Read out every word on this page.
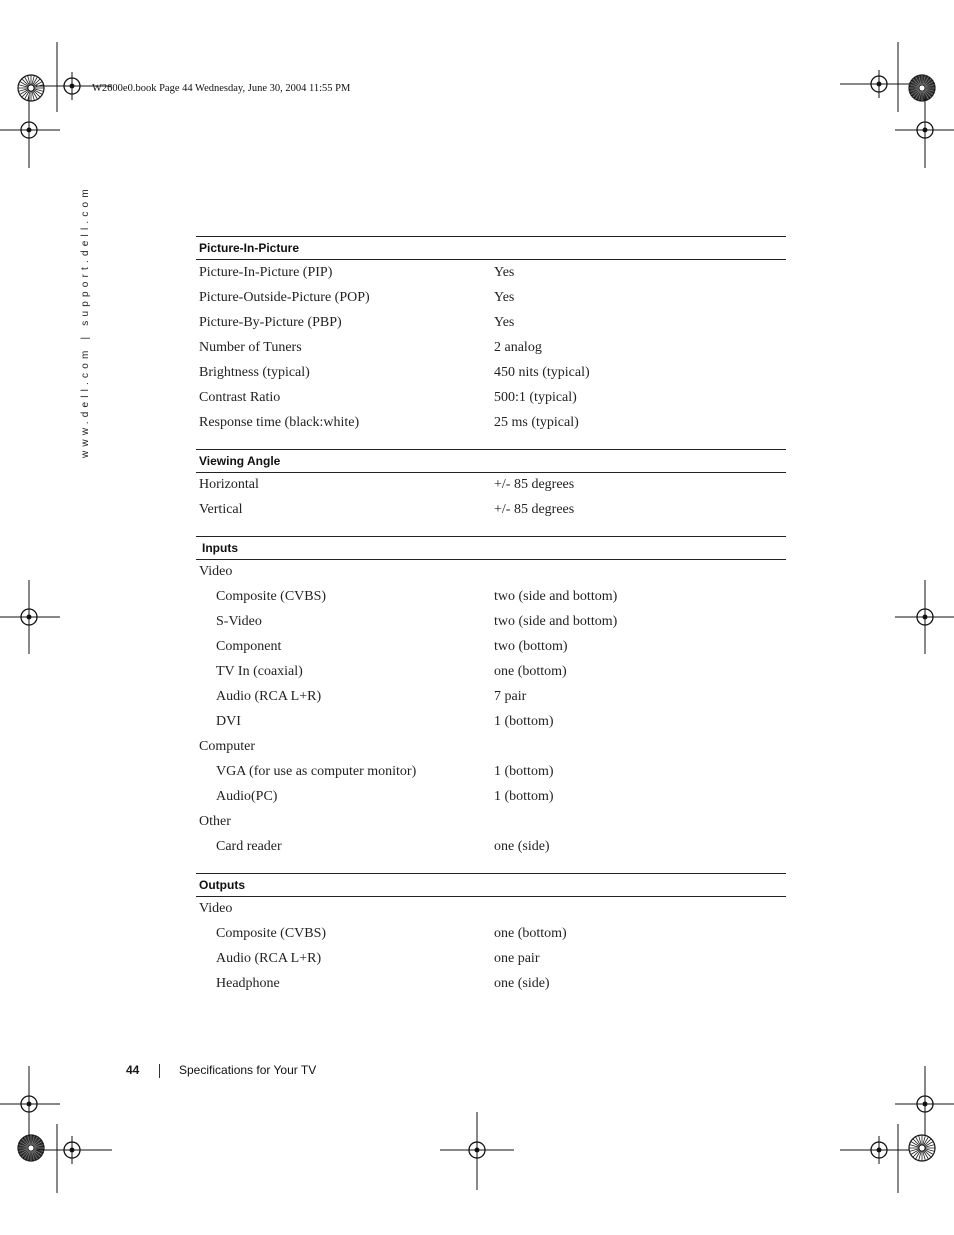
W2600e0.book Page 44 Wednesday, June 30, 2004 11:55 PM
www.dell.com | support.dell.com	Picture-In-Picture
Picture-In-Picture (PIP)	Yes
Picture-Outside-Picture (POP)	Yes
Picture-By-Picture (PBP)	Yes
Number of Tuners	2 analog
Brightness (typical)	450 nits (typical)
Contrast Ratio	500:1 (typical)
Response time (black:white)	25 ms (typical)
Viewing Angle
Horizontal	+/- 85 degrees
Vertical	+/- 85 degrees
Inputs
Video
Composite (CVBS)	two (side and bottom)
S-Video	two (side and bottom)
Component	two (bottom)
TV In (coaxial)	one (bottom)
Audio (RCA L+R)	7 pair
DVI	1 (bottom)
Computer
VGA (for use as computer monitor)	1 (bottom)
Audio(PC)	1 (bottom)
Other
Card reader	one (side)
Outputs
Video
Composite (CVBS)	one (bottom)
Audio (RCA L+R)	one pair
Headphone	one (side)
44	Specifications for Your TV
